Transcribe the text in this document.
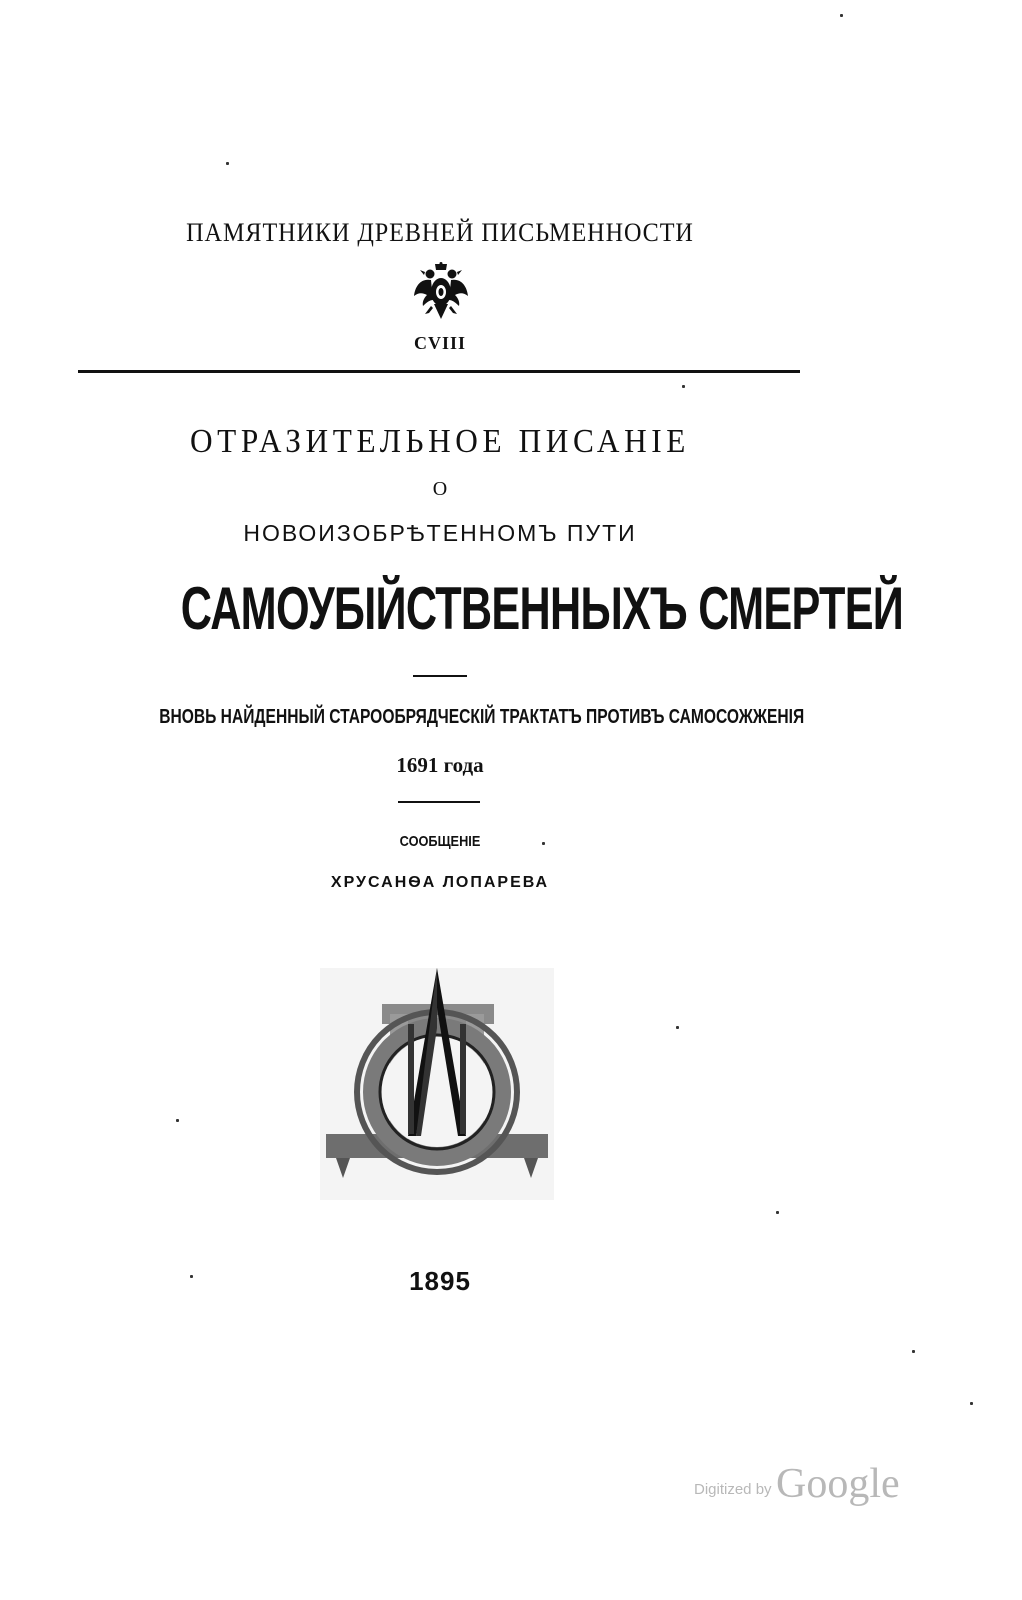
ПАМЯТНИКИ ДРЕВНЕЙ ПИСЬМЕННОСТИ
CVIII
ОТРАЗИТЕЛЬНОЕ ПИСАНІЕ
О
НОВОИЗОБРѢТЕННОМЪ ПУТИ
САМОУБІЙСТВЕННЫХЪ СМЕРТЕЙ
ВНОВЬ НАЙДЕННЫЙ СТАРООБРЯДЧЕСКІЙ ТРАКТАТЪ ПРОТИВЪ САМОСОЖЖЕНІЯ
1691 года
СООБЩЕНІЕ
ХРУСАНѲА ЛОПАРЕВА
1895
Digitized by Google
